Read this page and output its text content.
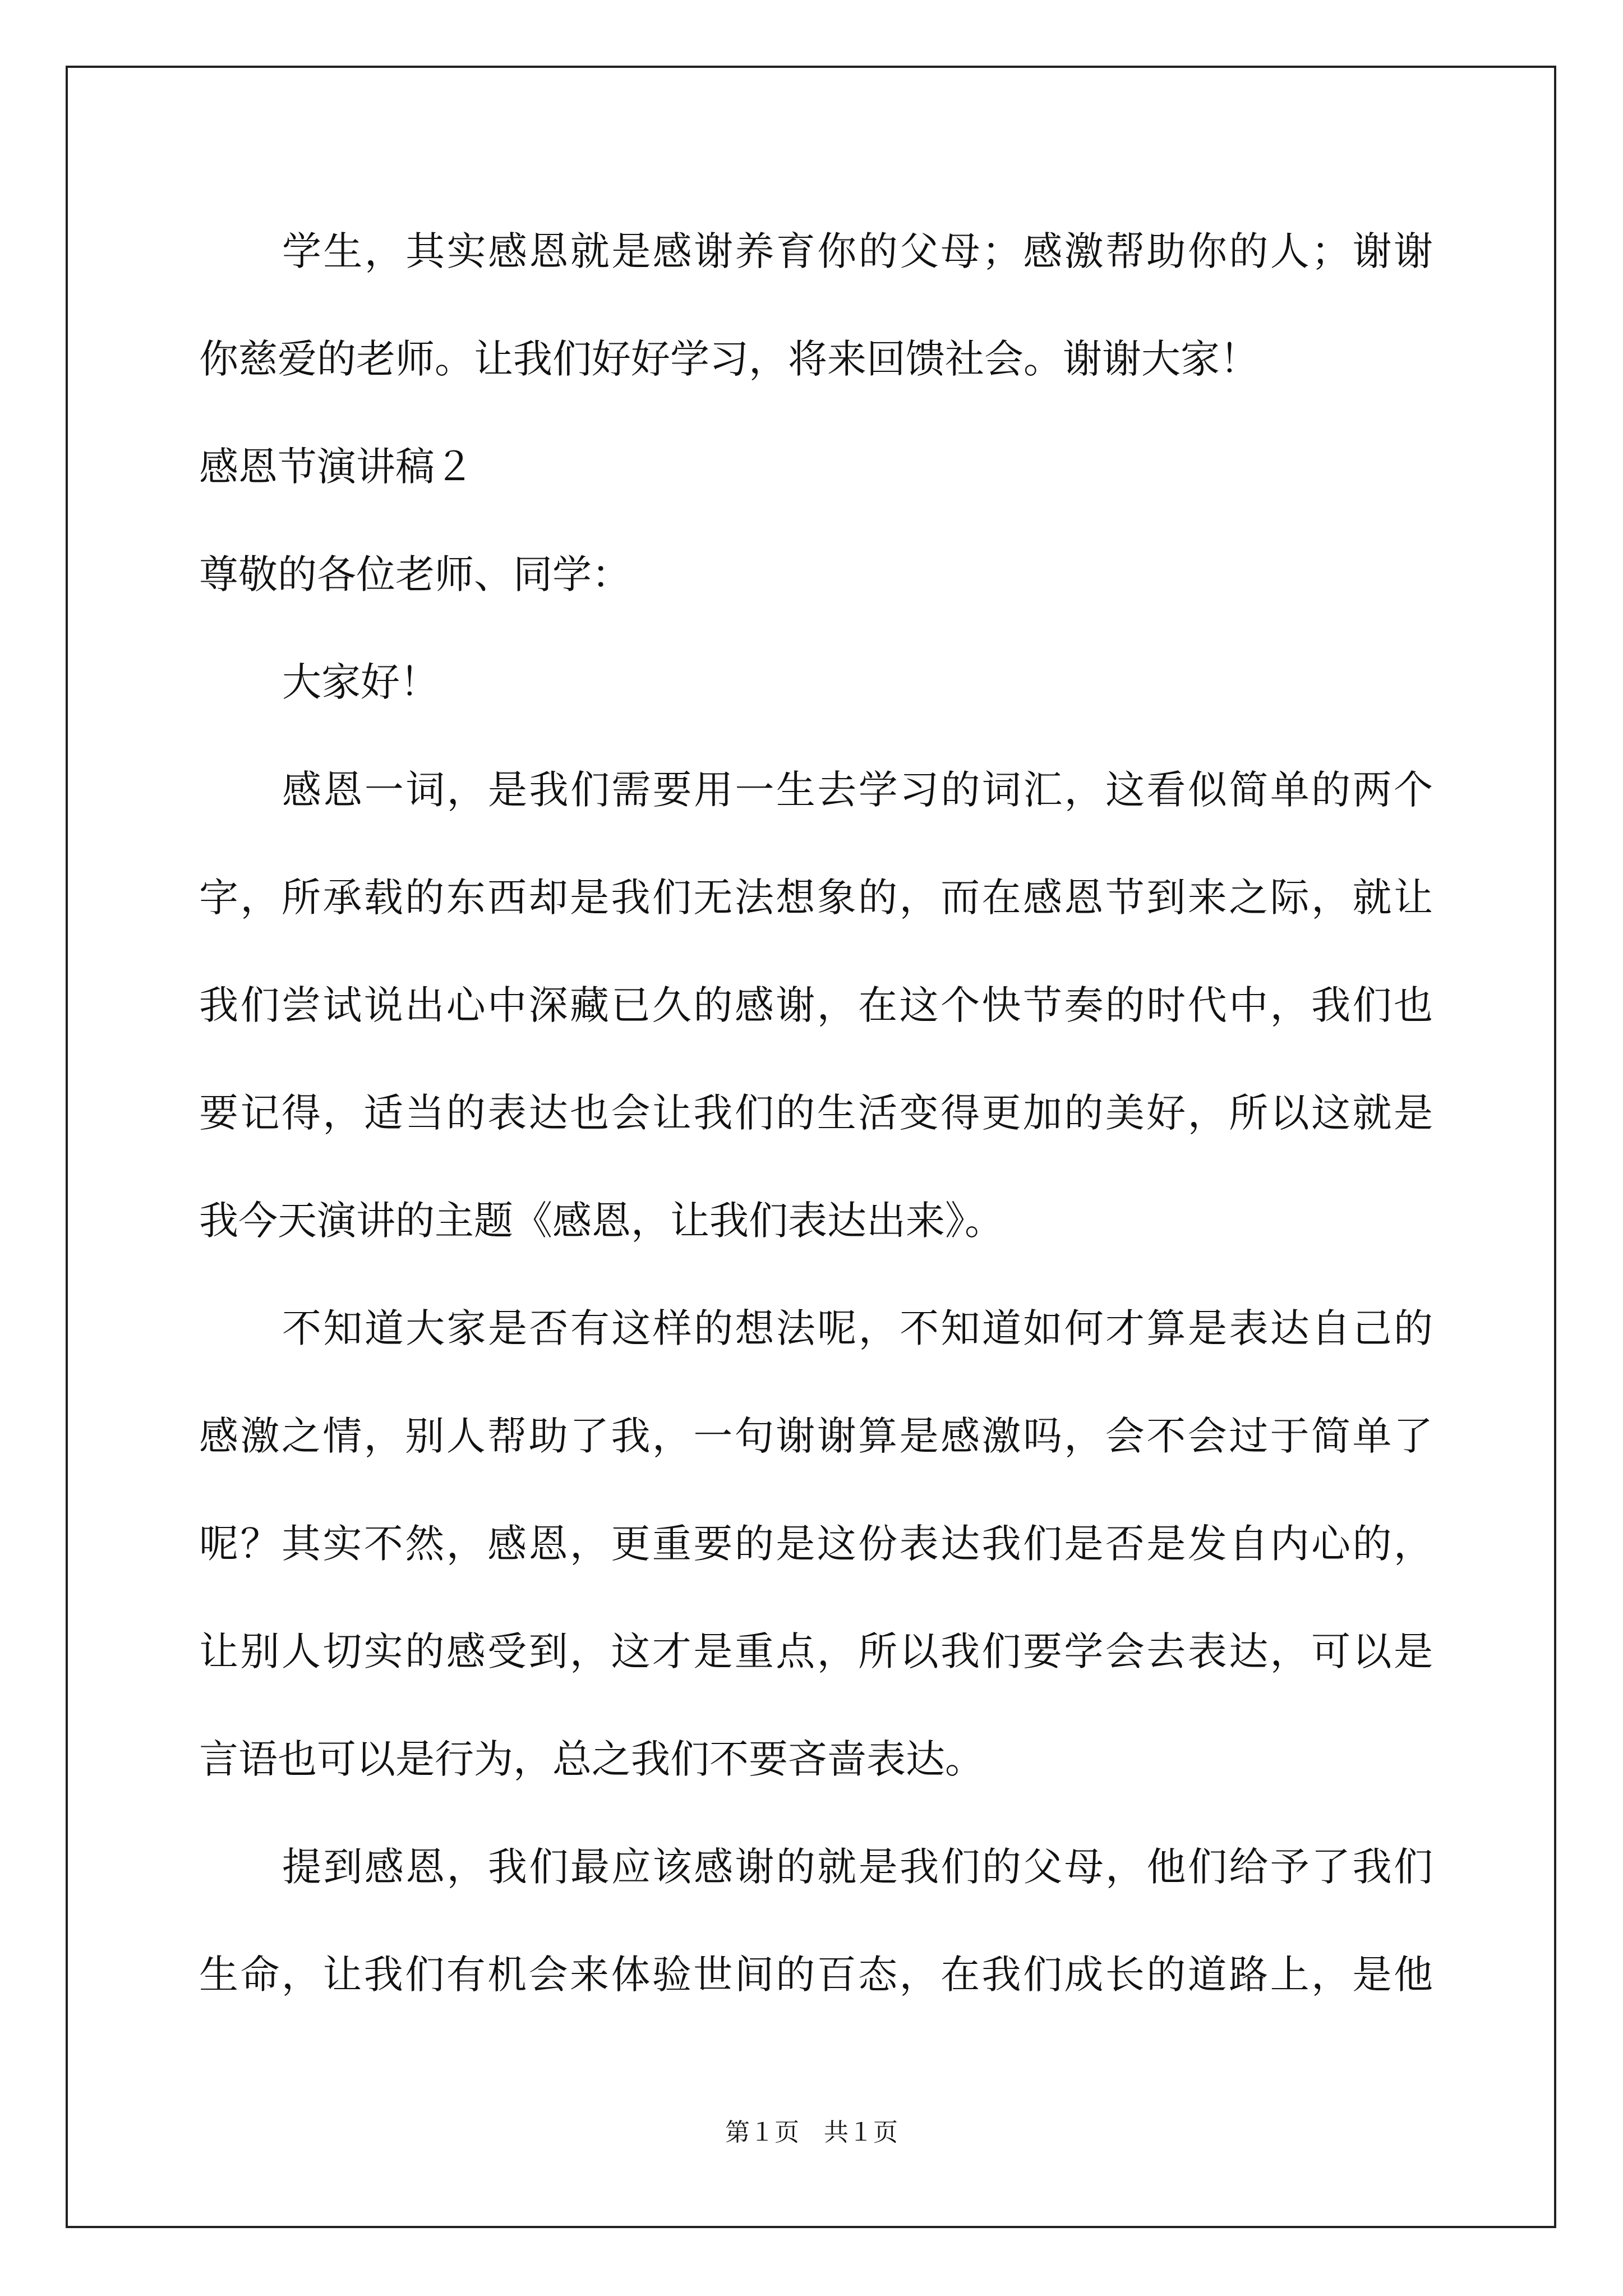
学生，其实感恩就是感谢养育你的父母；感激帮助你的人；谢谢
你慈爱的老师。让我们好好学习，将来回馈社会。谢谢大家！
感恩节演讲稿２
尊敬的各位老师、同学：
大家好！
感恩一词，是我们需要用一生去学习的词汇，这看似简单的两个
字，所承载的东西却是我们无法想象的，而在感恩节到来之际，就让
我们尝试说出心中深藏已久的感谢，在这个快节奏的时代中，我们也
要记得，适当的表达也会让我们的生活变得更加的美好，所以这就是
我今天演讲的主题《感恩，让我们表达出来》。
不知道大家是否有这样的想法呢，不知道如何才算是表达自己的
感激之情，别人帮助了我，一句谢谢算是感激吗，会不会过于简单了
呢？其实不然，感恩，更重要的是这份表达我们是否是发自内心的，
让别人切实的感受到，这才是重点，所以我们要学会去表达，可以是
言语也可以是行为，总之我们不要吝啬表达。
提到感恩，我们最应该感谢的就是我们的父母，他们给予了我们
生命，让我们有机会来体验世间的百态，在我们成长的道路上，是他
第１页　共１页
